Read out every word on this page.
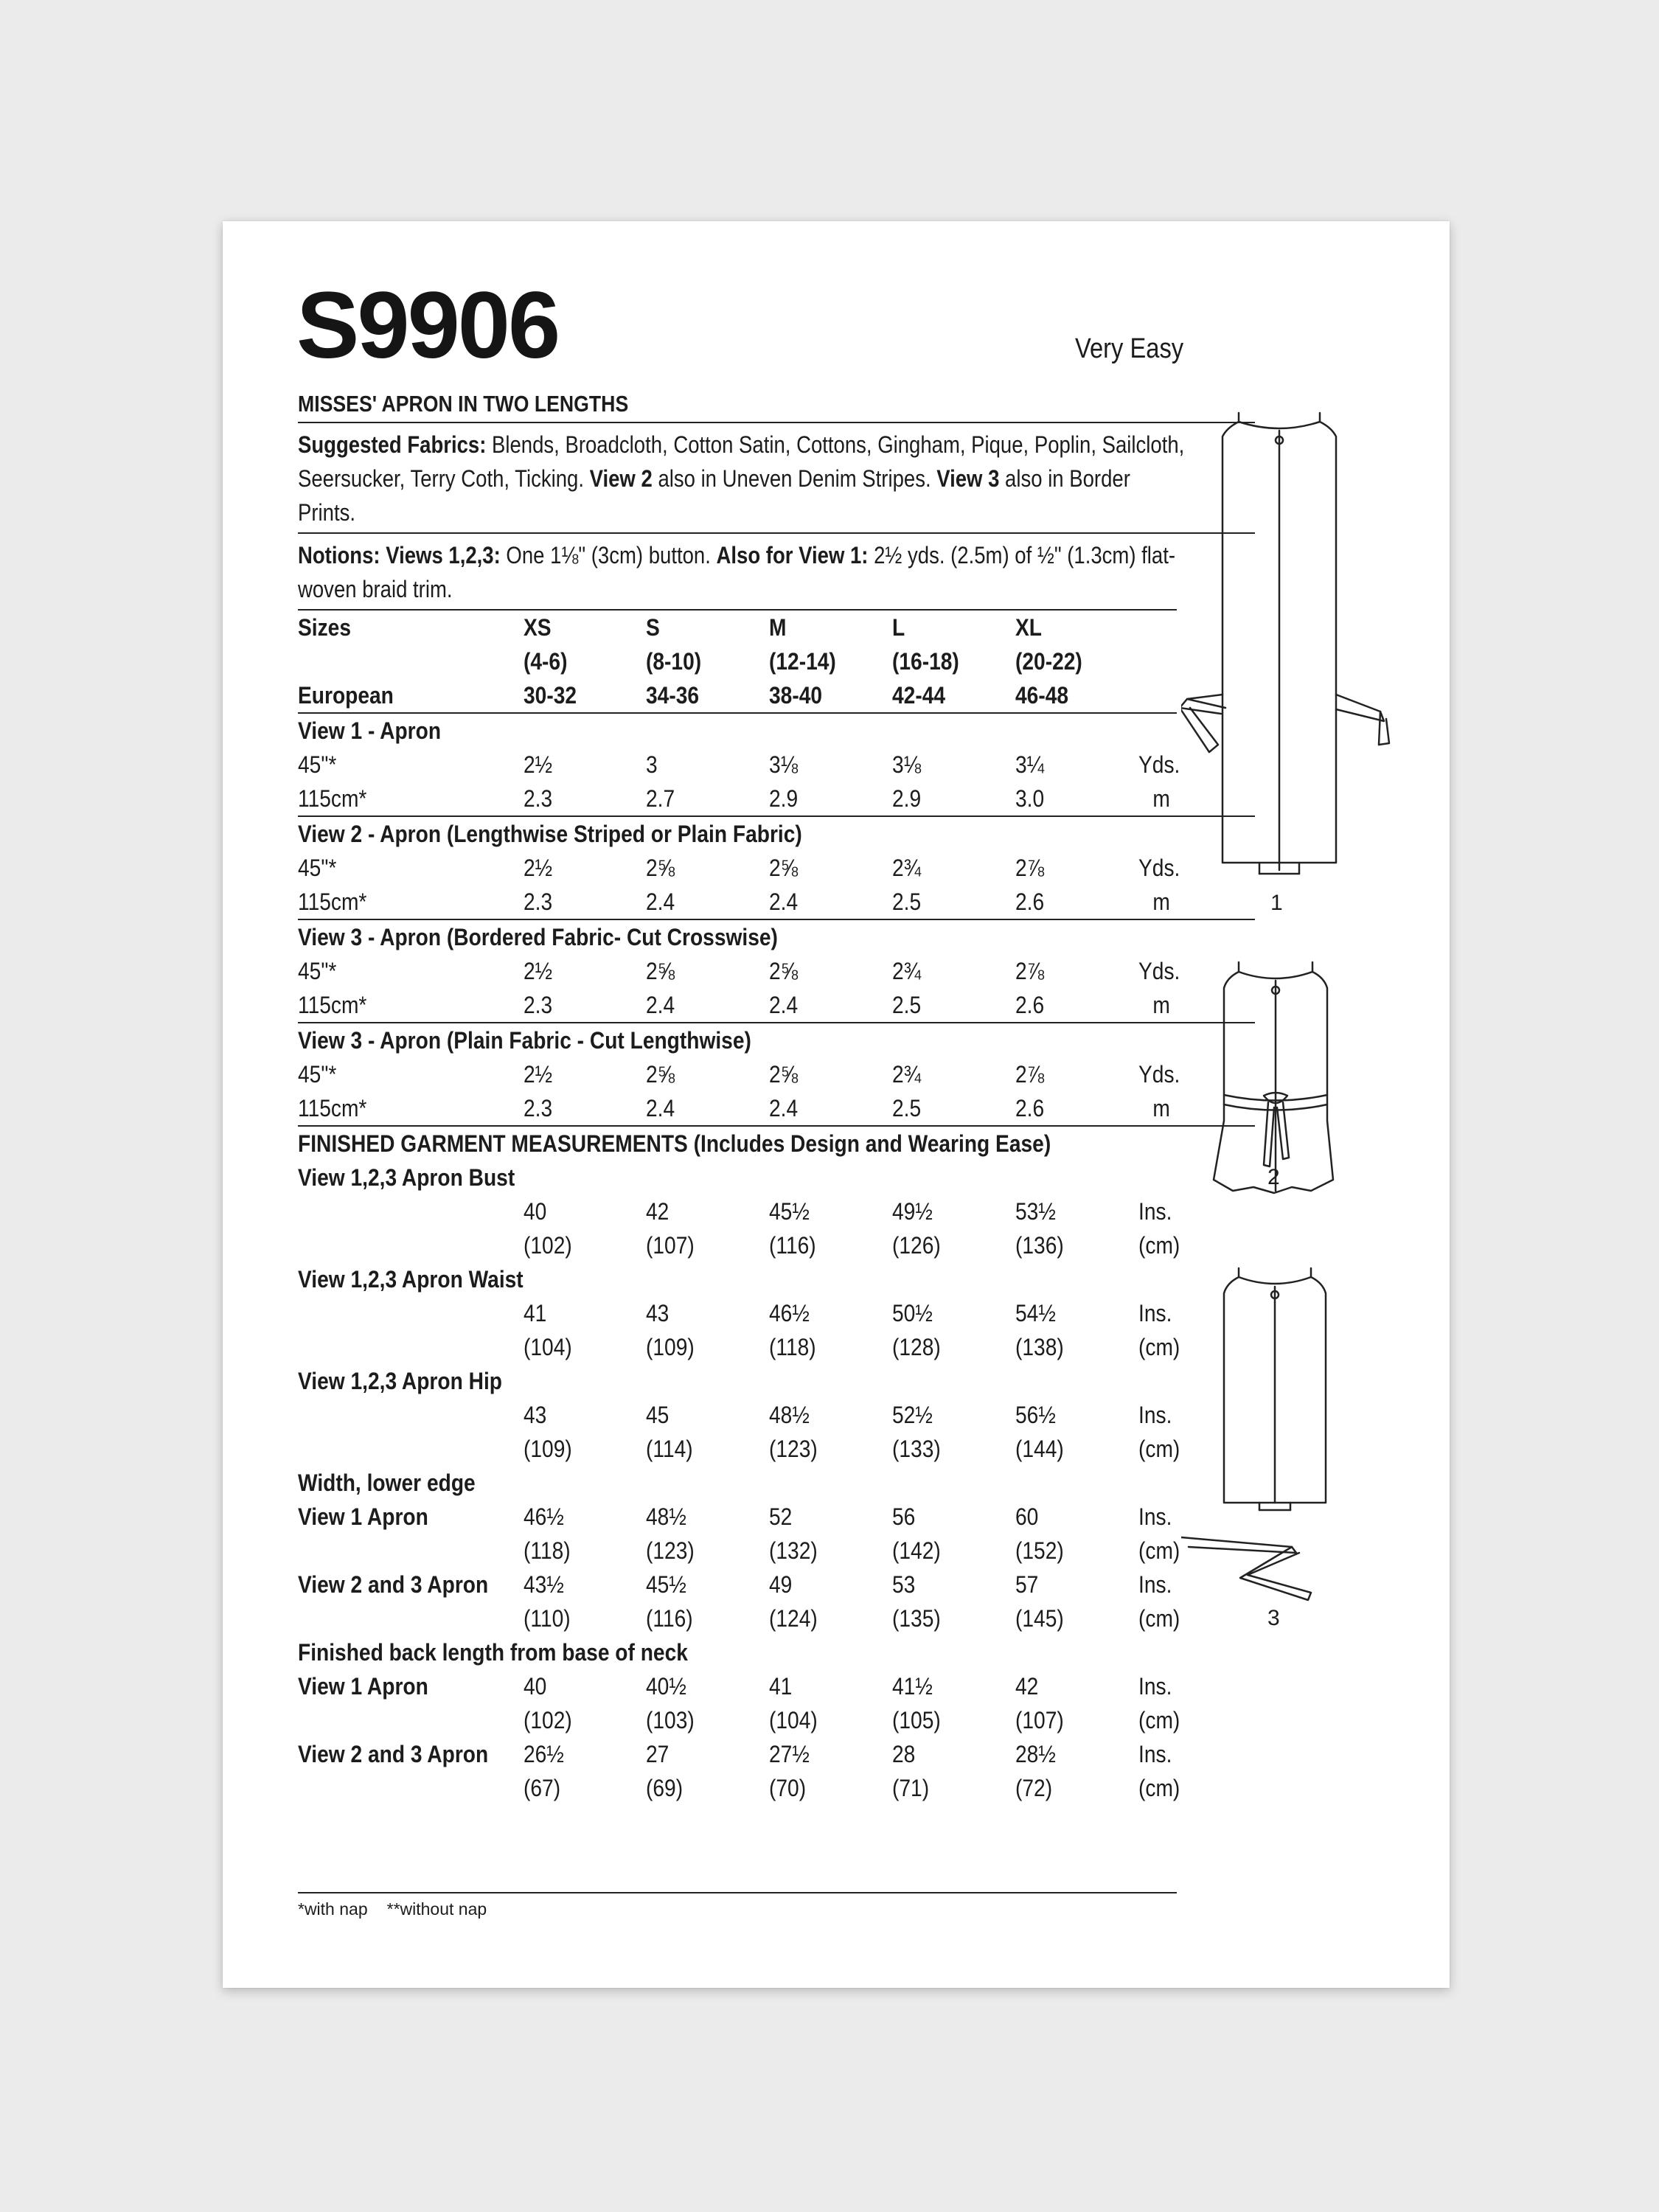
S9906	Very Easy
MISSES' APRON IN TWO LENGTHS
Suggested Fabrics: Blends, Broadcloth, Cotton Satin, Cottons, Gingham, Pique, Poplin, Sailcloth, Seersucker, Terry Coth, Ticking. View 2 also in Uneven Denim Stripes. View 3 also in Border Prints.
Notions: Views 1,2,3: One 1⅛" (3cm) button. Also for View 1: 2½ yds. (2.5m) of ½" (1.3cm) flat-woven braid trim.
Sizes	XS	S	M	L	XL	
	(4-6)	(8-10)	(12-14)	(16-18)	(20-22)	
European	30-32	34-36	38-40	42-44	46-48	
View 1 - Apron						
45"*	2½	3	3⅛	3⅛	3¼	Yds.
115cm*	2.3	2.7	2.9	2.9	3.0	m

View 2 - Apron (Lengthwise Striped or Plain Fabric)						
45"*	2½	2⅝	2⅝	2¾	2⅞	Yds.
115cm*	2.3	2.4	2.4	2.5	2.6	m

View 3 - Apron (Bordered Fabric- Cut Crosswise)						
45"*	2½	2⅝	2⅝	2¾	2⅞	Yds.
115cm*	2.3	2.4	2.4	2.5	2.6	m

View 3 - Apron (Plain Fabric - Cut Lengthwise)						
45"*	2½	2⅝	2⅝	2¾	2⅞	Yds.
115cm*	2.3	2.4	2.4	2.5	2.6	m

FINISHED GARMENT MEASUREMENTS (Includes Design and Wearing Ease)						
View 1,2,3 Apron Bust						
	40	42	45½	49½	53½	Ins.
	(102)	(107)	(116)	(126)	(136)	(cm)
View 1,2,3 Apron Waist						
	41	43	46½	50½	54½	Ins.
	(104)	(109)	(118)	(128)	(138)	(cm)
View 1,2,3 Apron Hip						
	43	45	48½	52½	56½	Ins.
	(109)	(114)	(123)	(133)	(144)	(cm)
Width, lower edge						
View 1 Apron	46½	48½	52	56	60	Ins.
	(118)	(123)	(132)	(142)	(152)	(cm)
View 2 and 3 Apron	43½	45½	49	53	57	Ins.
	(110)	(116)	(124)	(135)	(145)	(cm)
Finished back length from base of neck						
View 1 Apron	40	40½	41	41½	42	Ins.
	(102)	(103)	(104)	(105)	(107)	(cm)
View 2 and 3 Apron	26½	27	27½	28	28½	Ins.
	(67)	(69)	(70)	(71)	(72)	(cm)
*with nap **without nap
1
2
3
